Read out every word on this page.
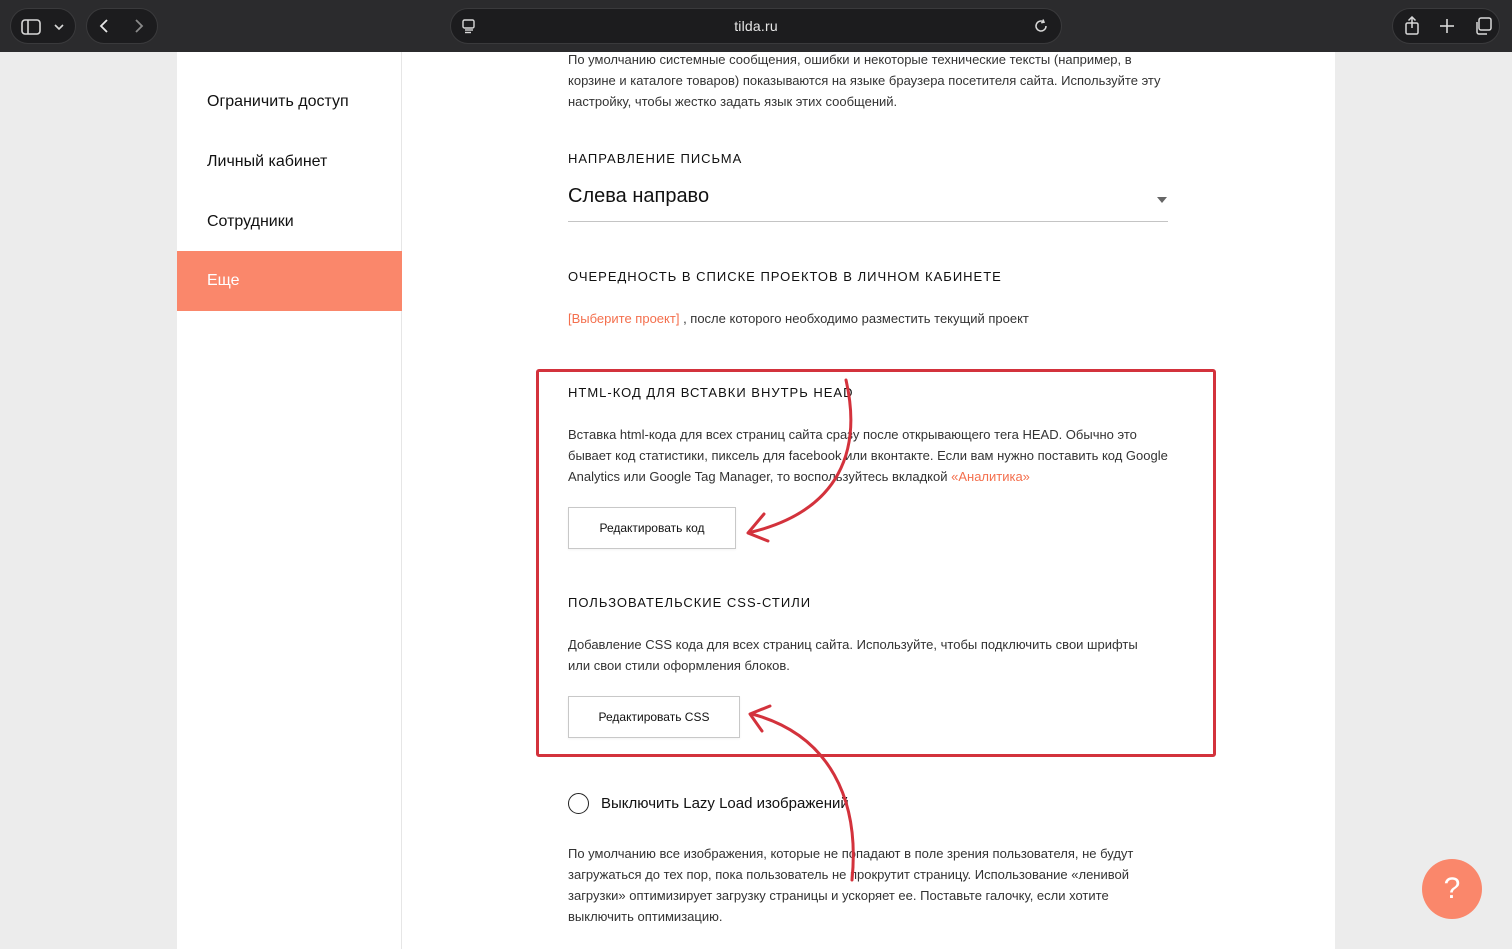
tilda.ru
Ограничить доступ
Личный кабинет
Сотрудники
Еще

По умолчанию системные сообщения, ошибки и некоторые технические тексты (например, в корзине и каталоге товаров) показываются на языке браузера посетителя сайта. Используйте эту настройку, чтобы жестко задать язык этих сообщений.

НАПРАВЛЕНИЕ ПИСЬМА
Слева направо
ОЧЕРЕДНОСТЬ В СПИСКЕ ПРОЕКТОВ В ЛИЧНОМ КАБИНЕТЕ
[Выберите проект] , после которого необходимо разместить текущий проект
HTML-КОД ДЛЯ ВСТАВКИ ВНУТРЬ HEAD

Вставка html-кода для всех страниц сайта сразу после открывающего тега HEAD. Обычно это бывает код статистики, пиксель для facebook или вконтакте. Если вам нужно поставить код Google Analytics или Google Tag Manager, то воспользуйтесь вкладкой «Аналитика»

Редактировать код
ПОЛЬЗОВАТЕЛЬСКИЕ CSS-СТИЛИ

Добавление CSS кода для всех страниц сайта. Используйте, чтобы подключить свои шрифты или свои стили оформления блоков.

Редактировать CSS
Выключить Lazy Load изображений

По умолчанию все изображения, которые не попадают в поле зрения пользователя, не будут загружаться до тех пор, пока пользователь не прокрутит страницу. Использование «ленивой загрузки» оптимизирует загрузку страницы и ускоряет ее. Поставьте галочку, если хотите выключить оптимизацию.

?
